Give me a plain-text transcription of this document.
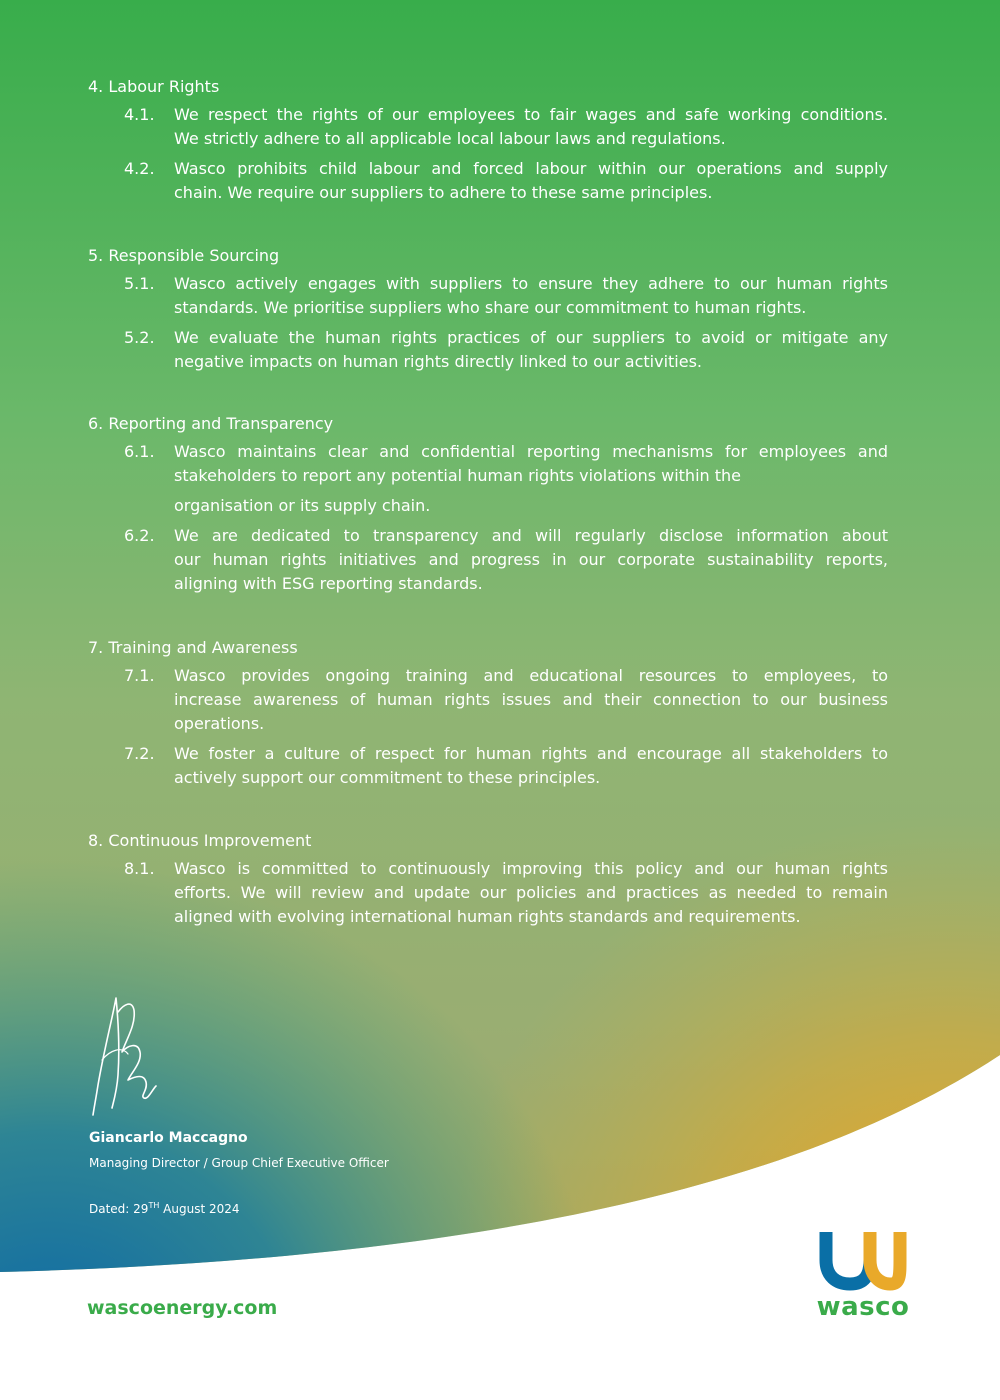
4. Labour Rights
4.1. We respect the rights of our employees to fair wages and safe working conditions.
We strictly adhere to all applicable local labour laws and regulations.
4.2. Wasco prohibits child labour and forced labour within our operations and supply
chain. We require our suppliers to adhere to these same principles.
5. Responsible Sourcing
5.1. Wasco actively engages with suppliers to ensure they adhere to our human rights
standards. We prioritise suppliers who share our commitment to human rights.
5.2. We evaluate the human rights practices of our suppliers to avoid or mitigate any
negative impacts on human rights directly linked to our activities.
6. Reporting and Transparency
6.1. Wasco maintains clear and confidential reporting mechanisms for employees and
stakeholders to report any potential human rights violations within the
organisation or its supply chain.
6.2. We are dedicated to transparency and will regularly disclose information about
our human rights initiatives and progress in our corporate sustainability reports,
aligning with ESG reporting standards.
7. Training and Awareness
7.1. Wasco provides ongoing training and educational resources to employees, to
increase awareness of human rights issues and their connection to our business
operations.
7.2. We foster a culture of respect for human rights and encourage all stakeholders to
actively support our commitment to these principles.
8. Continuous Improvement
8.1. Wasco is committed to continuously improving this policy and our human rights
efforts. We will review and update our policies and practices as needed to remain
aligned with evolving international human rights standards and requirements.
Giancarlo Maccagno
Managing Director / Group Chief Executive Officer
Dated: 29TH August 2024
wascoenergy.com	wasco
